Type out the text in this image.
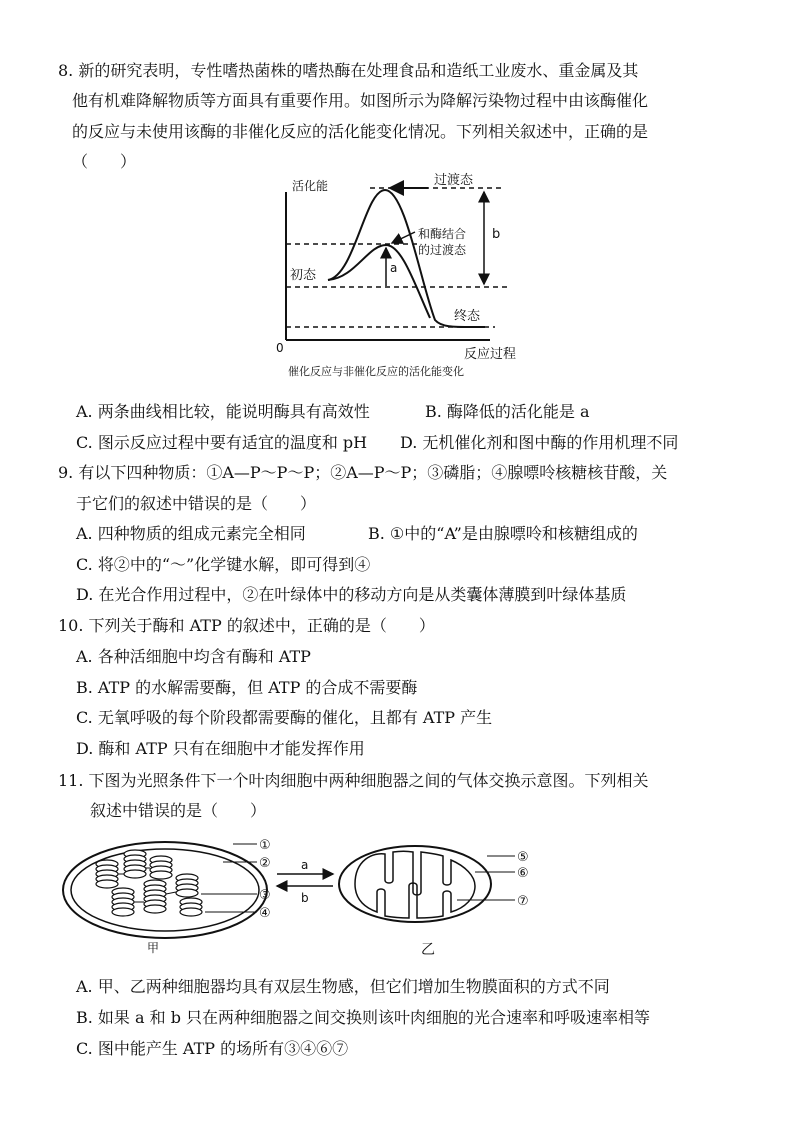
8. 新的研究表明，专性嗜热菌株的嗜热酶在处理食品和造纸工业废水、重金属及其
他有机难降解物质等方面具有重要作用。如图所示为降解污染物过程中由该酶催化
的反应与未使用该酶的非催化反应的活化能变化情况。下列相关叙述中，正确的是
（　　）
活化能	过渡态
和酶结合
的过渡态
b
a
初态
终态
0	反应过程
催化反应与非催化反应的活化能变化
A. 两条曲线相比较，能说明酶具有高效性	B. 酶降低的活化能是 a
C. 图示反应过程中要有适宜的温度和 pH D. 无机催化剂和图中酶的作用机理不同
9. 有以下四种物质：①A—P～P～P；②A—P～P；③磷脂；④腺嘌呤核糖核苷酸，关
于它们的叙述中错误的是（　　）
A. 四种物质的组成元素完全相同	B. ①中的“A”是由腺嘌呤和核糖组成的
C. 将②中的“～”化学键水解，即可得到④
D. 在光合作用过程中，②在叶绿体中的移动方向是从类囊体薄膜到叶绿体基质
10. 下列关于酶和 ATP 的叙述中，正确的是（　　）
A. 各种活细胞中均含有酶和 ATP
B. ATP 的水解需要酶，但 ATP 的合成不需要酶
C. 无氧呼吸的每个阶段都需要酶的催化，且都有 ATP 产生
D. 酶和 ATP 只有在细胞中才能发挥作用
11. 下图为光照条件下一个叶肉细胞中两种细胞器之间的气体交换示意图。下列相关
叙述中错误的是（　　）
①
②
③
④
a
b
⑤
⑥
⑦
甲	乙
A. 甲、乙两种细胞器均具有双层生物感，但它们增加生物膜面积的方式不同
B. 如果 a 和 b 只在两种细胞器之间交换则该叶肉细胞的光合速率和呼吸速率相等
C. 图中能产生 ATP 的场所有③④⑥⑦
